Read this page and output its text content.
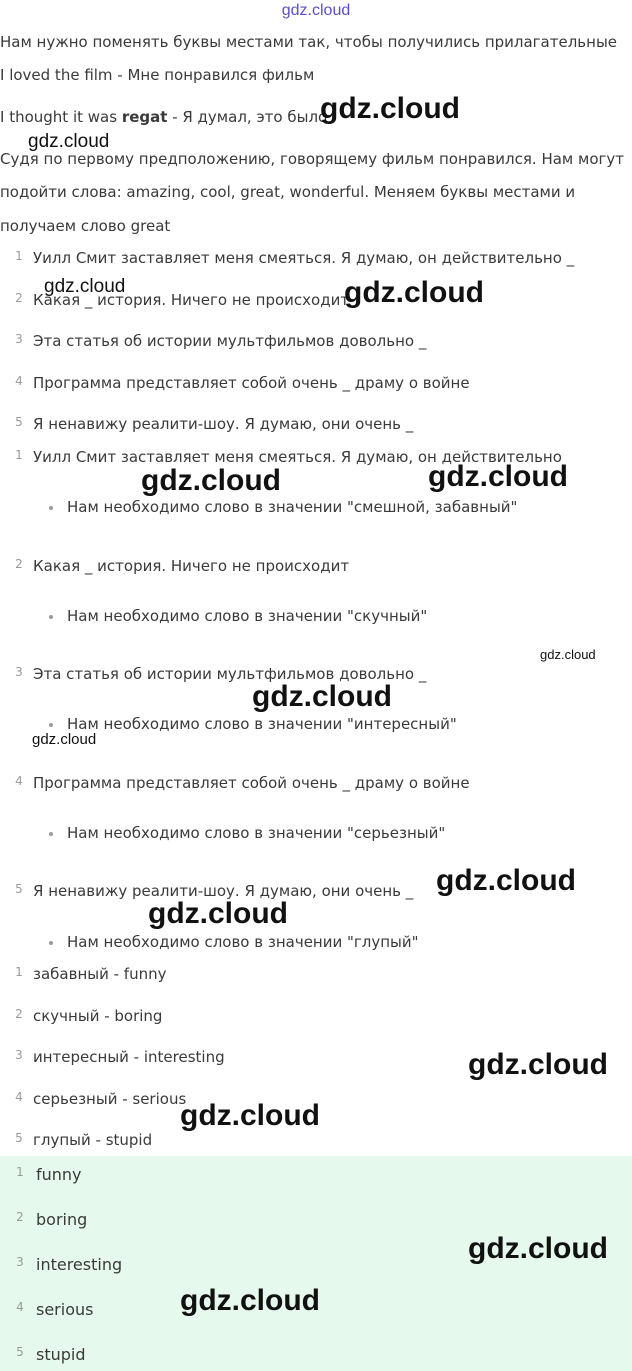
gdz.cloud
Нам нужно поменять буквы местами так, чтобы получились прилагательные
I loved the film - Мне понравился фильм
I thought it was regat - Я думал, это было
Судя по первому предположению, говорящему фильм понравился. Нам могут
подойти слова: amazing, cool, great, wonderful. Меняем буквы местами и
получаем слово great
1 Уилл Смит заставляет меня смеяться. Я думаю, он действительно _
2 Какая _ история. Ничего не происходит
3 Эта статья об истории мультфильмов довольно _
4 Программа представляет собой очень _ драму о войне
5 Я ненавижу реалити-шоу. Я думаю, они очень _
1 Уилл Смит заставляет меня смеяться. Я думаю, он действительно
Нам необходимо слово в значении "смешной, забавный"
2 Какая _ история. Ничего не происходит
Нам необходимо слово в значении "скучный"
3 Эта статья об истории мультфильмов довольно _
Нам необходимо слово в значении "интересный"
4 Программа представляет собой очень _ драму о войне
Нам необходимо слово в значении "серьезный"
5 Я ненавижу реалити-шоу. Я думаю, они очень _
Нам необходимо слово в значении "глупый"
1 забавный - funny
2 скучный - boring
3 интересный - interesting
4 серьезный - serious
5 глупый - stupid
1 funny
2 boring
3 interesting
4 serious
5 stupid
gdz.cloud
gdz.cloud
gdz.cloud	gdz.cloud
gdz.cloud
gdz.cloud
gdz.cloud
gdz.cloud
gdz.cloud
gdz.cloud
gdz.cloud
gdz.cloud
gdz.cloud
gdz.cloud
gdz.cloud
